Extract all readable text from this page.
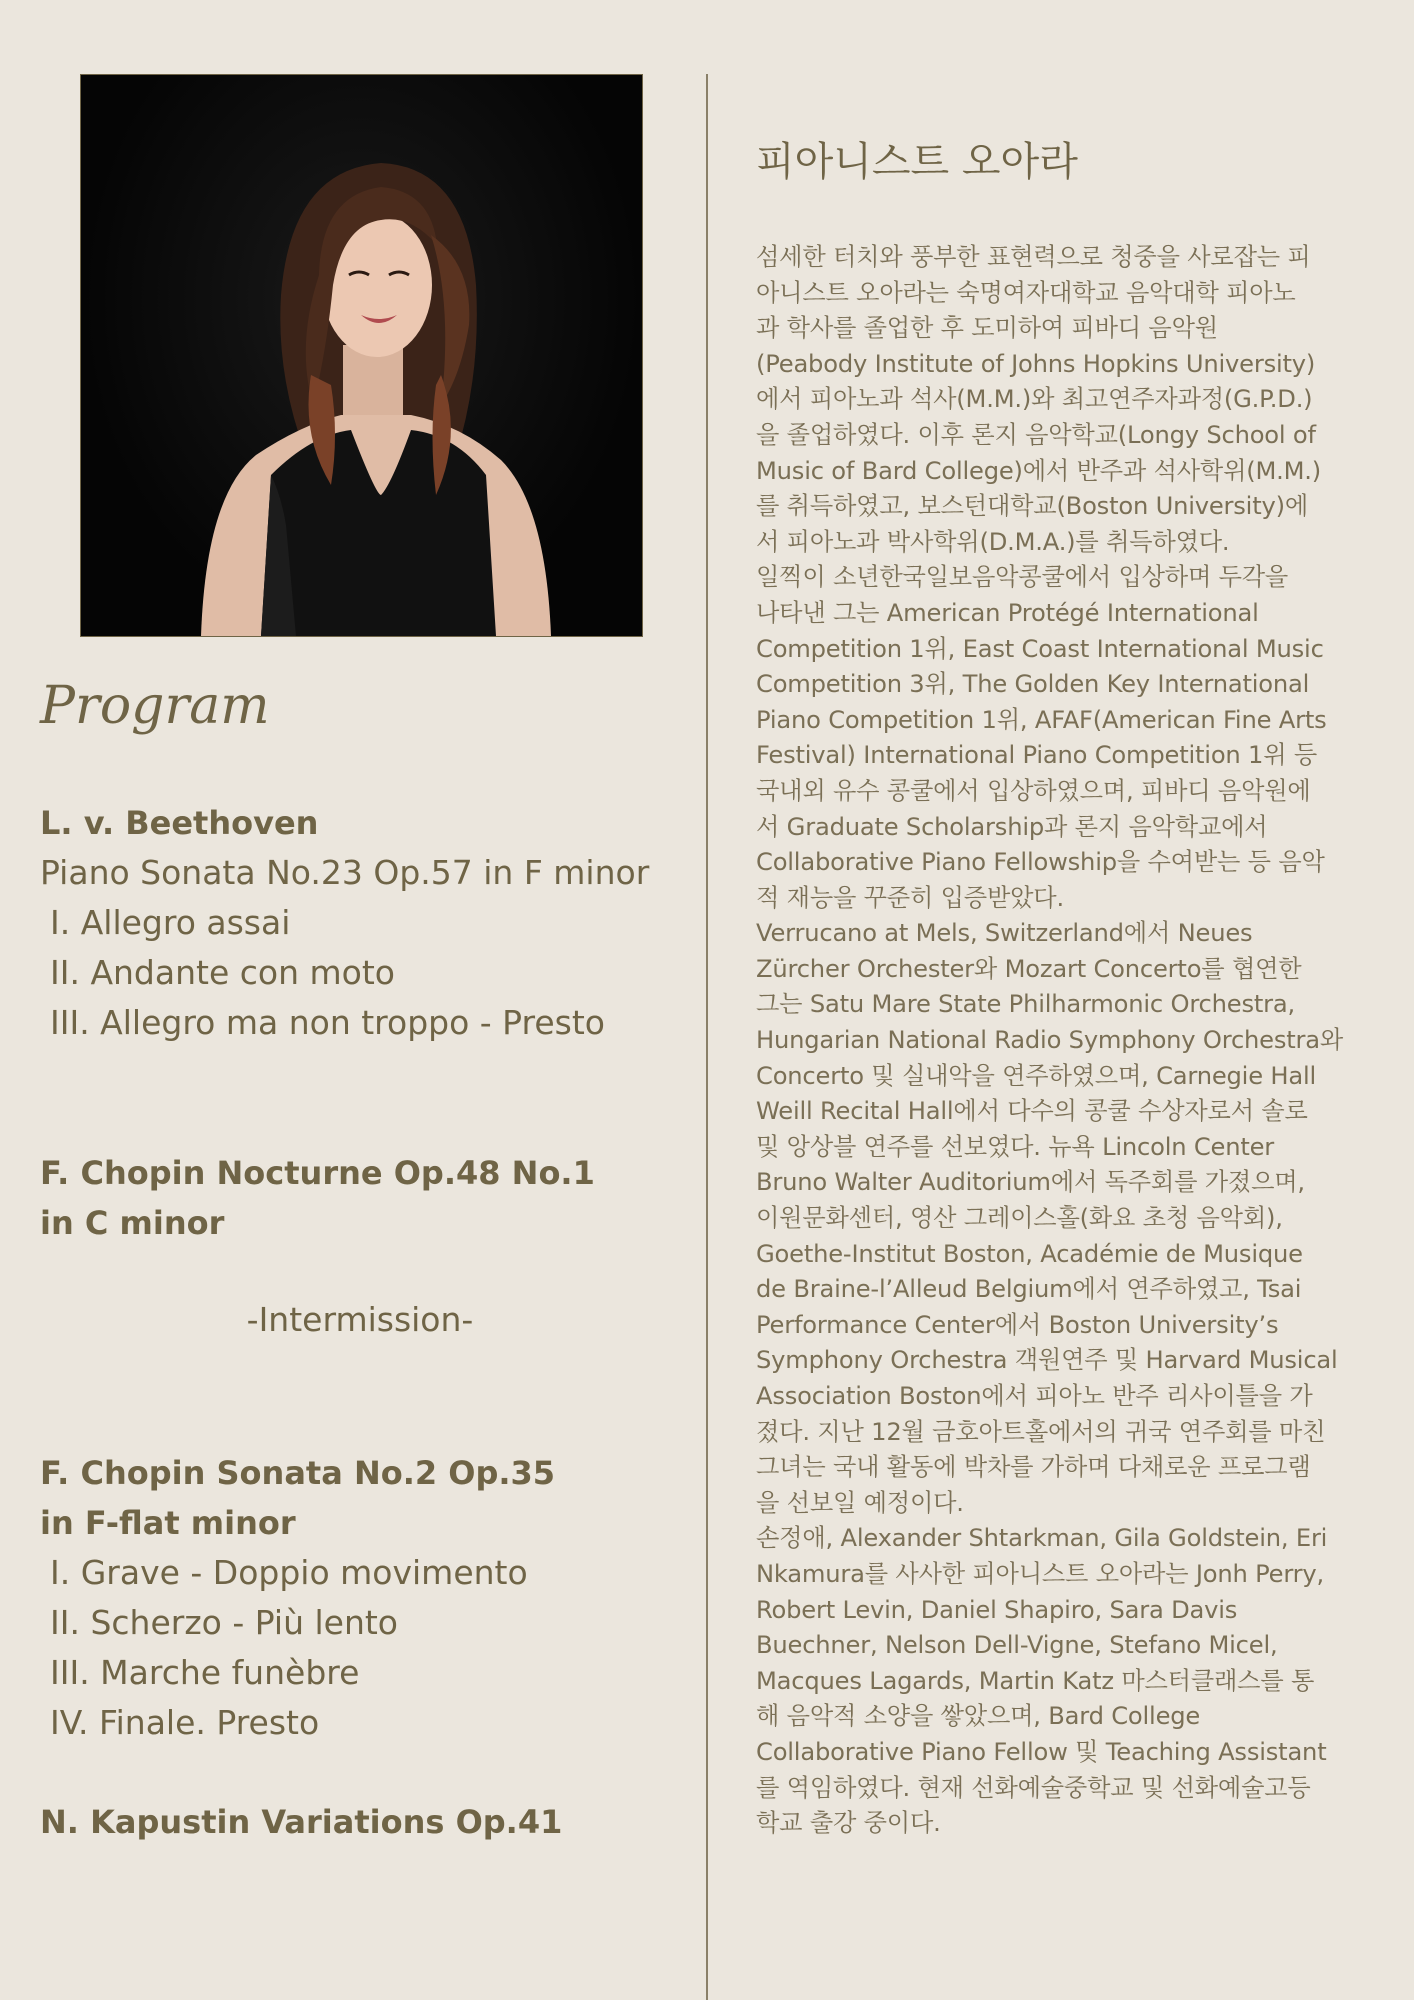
Program
L. v. Beethoven
Piano Sonata No.23 Op.57 in F minor
I. Allegro assai
II. Andante con moto
III. Allegro ma non troppo - Presto
F. Chopin Nocturne Op.48 No.1
in C minor
-Intermission-
F. Chopin Sonata No.2 Op.35
in F-flat minor
I. Grave - Doppio movimento
II. Scherzo - Più lento
III. Marche funèbre
IV. Finale. Presto
N. Kapustin Variations Op.41
피아니스트 오아라

섬세한 터치와 풍부한 표현력으로 청중을 사로잡는 피

아니스트 오아라는 숙명여자대학교 음악대학 피아노

과 학사를 졸업한 후 도미하여 피바디 음악원

(Peabody Institute of Johns Hopkins University)

에서 피아노과 석사(M.M.)와 최고연주자과정(G.P.D.)

을 졸업하였다. 이후 론지 음악학교(Longy School of

Music of Bard College)에서 반주과 석사학위(M.M.)

를 취득하였고, 보스턴대학교(Boston University)에

서 피아노과 박사학위(D.M.A.)를 취득하였다.

일찍이 소년한국일보음악콩쿨에서 입상하며 두각을

나타낸 그는 American Protégé International

Competition 1위, East Coast International Music

Competition 3위, The Golden Key International

Piano Competition 1위, AFAF(American Fine Arts

Festival) International Piano Competition 1위 등

국내외 유수 콩쿨에서 입상하였으며, 피바디 음악원에

서 Graduate Scholarship과 론지 음악학교에서

Collaborative Piano Fellowship을 수여받는 등 음악

적 재능을 꾸준히 입증받았다.

Verrucano at Mels, Switzerland에서 Neues

Zürcher Orchester와 Mozart Concerto를 협연한

그는 Satu Mare State Philharmonic Orchestra,

Hungarian National Radio Symphony Orchestra와

Concerto 및 실내악을 연주하였으며, Carnegie Hall

Weill Recital Hall에서 다수의 콩쿨 수상자로서 솔로

및 앙상블 연주를 선보였다. 뉴욕 Lincoln Center

Bruno Walter Auditorium에서 독주회를 가졌으며,

이원문화센터, 영산 그레이스홀(화요 초청 음악회),

Goethe-Institut Boston, Académie de Musique

de Braine-l’Alleud Belgium에서 연주하였고, Tsai

Performance Center에서 Boston University’s

Symphony Orchestra 객원연주 및 Harvard Musical

Association Boston에서 피아노 반주 리사이틀을 가

졌다. 지난 12월 금호아트홀에서의 귀국 연주회를 마친

그녀는 국내 활동에 박차를 가하며 다채로운 프로그램

을 선보일 예정이다.

손정애, Alexander Shtarkman, Gila Goldstein, Eri

Nkamura를 사사한 피아니스트 오아라는 Jonh Perry,

Robert Levin, Daniel Shapiro, Sara Davis

Buechner, Nelson Dell-Vigne, Stefano Micel,

Macques Lagards, Martin Katz 마스터클래스를 통

해 음악적 소양을 쌓았으며, Bard College

Collaborative Piano Fellow 및 Teaching Assistant

를 역임하였다. 현재 선화예술중학교 및 선화예술고등

학교 출강 중이다.
